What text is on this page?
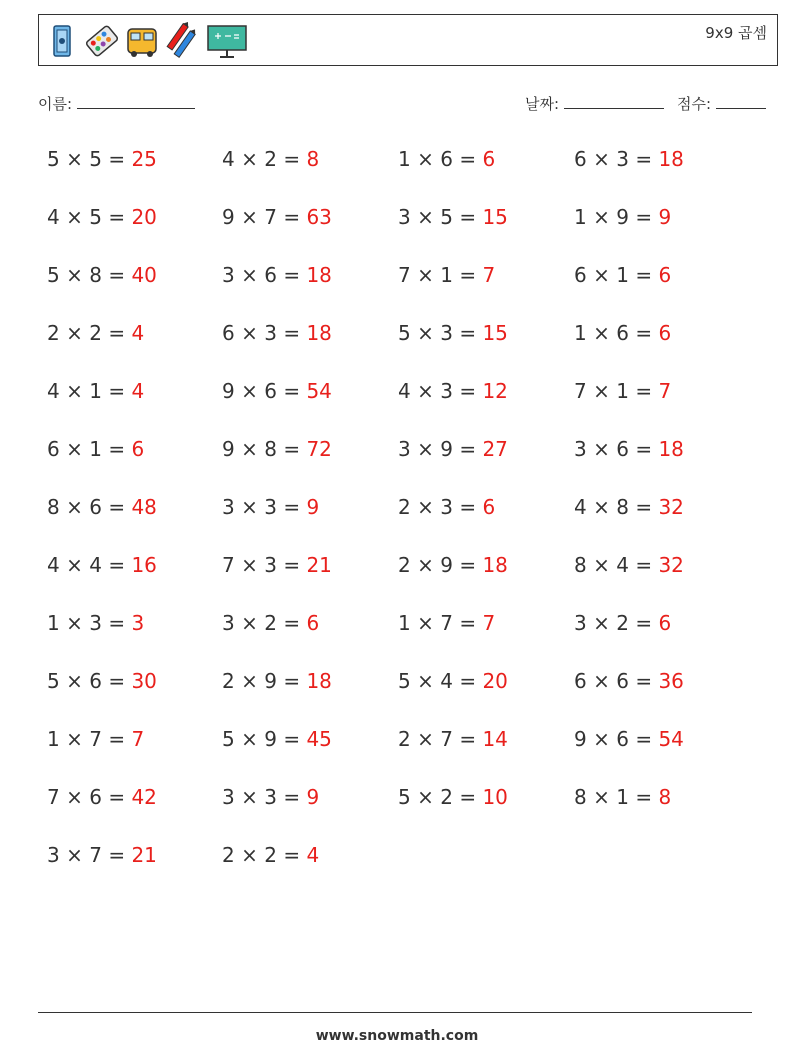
9x9 곱셈
이름:	날짜:	점수:
5 × 5 = 25
4 × 5 = 20
5 × 8 = 40
2 × 2 = 4
4 × 1 = 4
6 × 1 = 6
8 × 6 = 48
4 × 4 = 16
1 × 3 = 3
5 × 6 = 30
1 × 7 = 7
7 × 6 = 42
3 × 7 = 21
4 × 2 = 8
9 × 7 = 63
3 × 6 = 18
6 × 3 = 18
9 × 6 = 54
9 × 8 = 72
3 × 3 = 9
7 × 3 = 21
3 × 2 = 6
2 × 9 = 18
5 × 9 = 45
3 × 3 = 9
2 × 2 = 4
1 × 6 = 6
3 × 5 = 15
7 × 1 = 7
5 × 3 = 15
4 × 3 = 12
3 × 9 = 27
2 × 3 = 6
2 × 9 = 18
1 × 7 = 7
5 × 4 = 20
2 × 7 = 14
5 × 2 = 10
6 × 3 = 18
1 × 9 = 9
6 × 1 = 6
1 × 6 = 6
7 × 1 = 7
3 × 6 = 18
4 × 8 = 32
8 × 4 = 32
3 × 2 = 6
6 × 6 = 36
9 × 6 = 54
8 × 1 = 8
www.snowmath.com
